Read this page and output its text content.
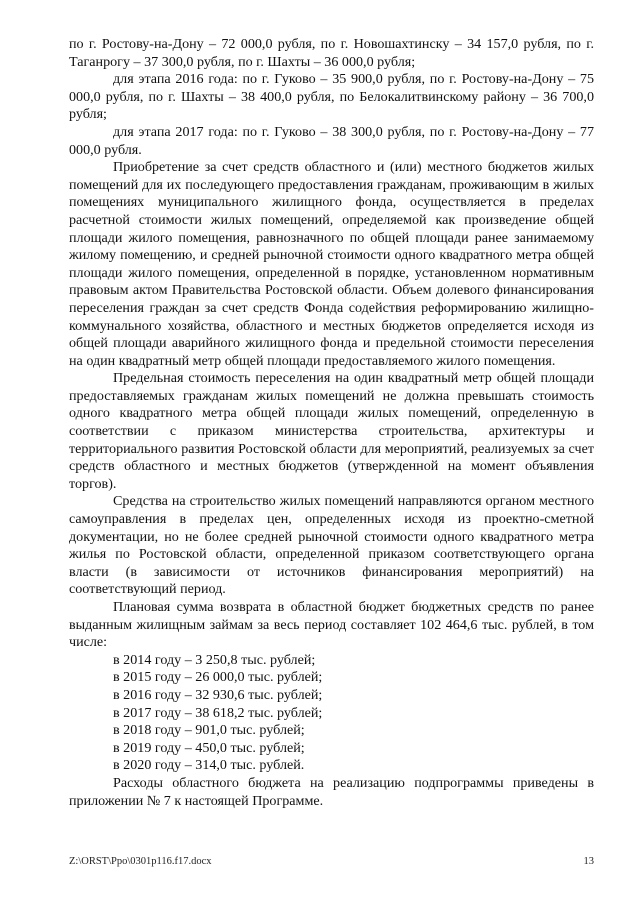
по г. Ростову-на-Дону – 72 000,0 рубля, по г. Новошахтинску – 34 157,0 рубля, по г. Таганрогу – 37 300,0 рубля, по г. Шахты – 36 000,0 рубля;

для этапа 2016 года: по г. Гуково – 35 900,0 рубля, по г. Ростову-на-Дону – 75 000,0 рубля, по г. Шахты – 38 400,0 рубля, по Белокалитвинскому району – 36 700,0 рубля;

для этапа 2017 года: по г. Гуково – 38 300,0 рубля, по г. Ростову-на-Дону – 77 000,0 рубля.

Приобретение за счет средств областного и (или) местного бюджетов жилых помещений для их последующего предоставления гражданам, проживающим в жилых помещениях муниципального жилищного фонда, осуществляется в пределах расчетной стоимости жилых помещений, определяемой как произведение общей площади жилого помещения, равнозначного по общей площади ранее занимаемому жилому помещению, и средней рыночной стоимости одного квадратного метра общей площади жилого помещения, определенной в порядке, установленном нормативным правовым актом Правительства Ростовской области. Объем долевого финансирования переселения граждан за счет средств Фонда содействия реформированию жилищно-коммунального хозяйства, областного и местных бюджетов определяется исходя из общей площади аварийного жилищного фонда и предельной стоимости переселения на один квадратный метр общей площади предоставляемого жилого помещения.

Предельная стоимость переселения на один квадратный метр общей площади предоставляемых гражданам жилых помещений не должна превышать стоимость одного квадратного метра общей площади жилых помещений, определенную в соответствии с приказом министерства строительства, архитектуры и территориального развития Ростовской области для мероприятий, реализуемых за счет средств областного и местных бюджетов (утвержденной на момент объявления торгов).

Средства на строительство жилых помещений направляются органом местного самоуправления в пределах цен, определенных исходя из проектно-сметной документации, но не более средней рыночной стоимости одного квадратного метра жилья по Ростовской области, определенной приказом соответствующего органа власти (в зависимости от источников финансирования мероприятий) на соответствующий период.

Плановая сумма возврата в областной бюджет бюджетных средств по ранее выданным жилищным займам за весь период составляет 102 464,6 тыс. рублей, в том числе:

в 2014 году – 3 250,8 тыс. рублей;
в 2015 году – 26 000,0 тыс. рублей;
в 2016 году – 32 930,6 тыс. рублей;
в 2017 году – 38 618,2 тыс. рублей;
в 2018 году – 901,0 тыс. рублей;
в 2019 году – 450,0 тыс. рублей;
в 2020 году – 314,0 тыс. рублей.

Расходы областного бюджета на реализацию подпрограммы приведены в приложении № 7 к настоящей Программе.

Z:\ORST\Ppo\0301p116.f17.docx	13
